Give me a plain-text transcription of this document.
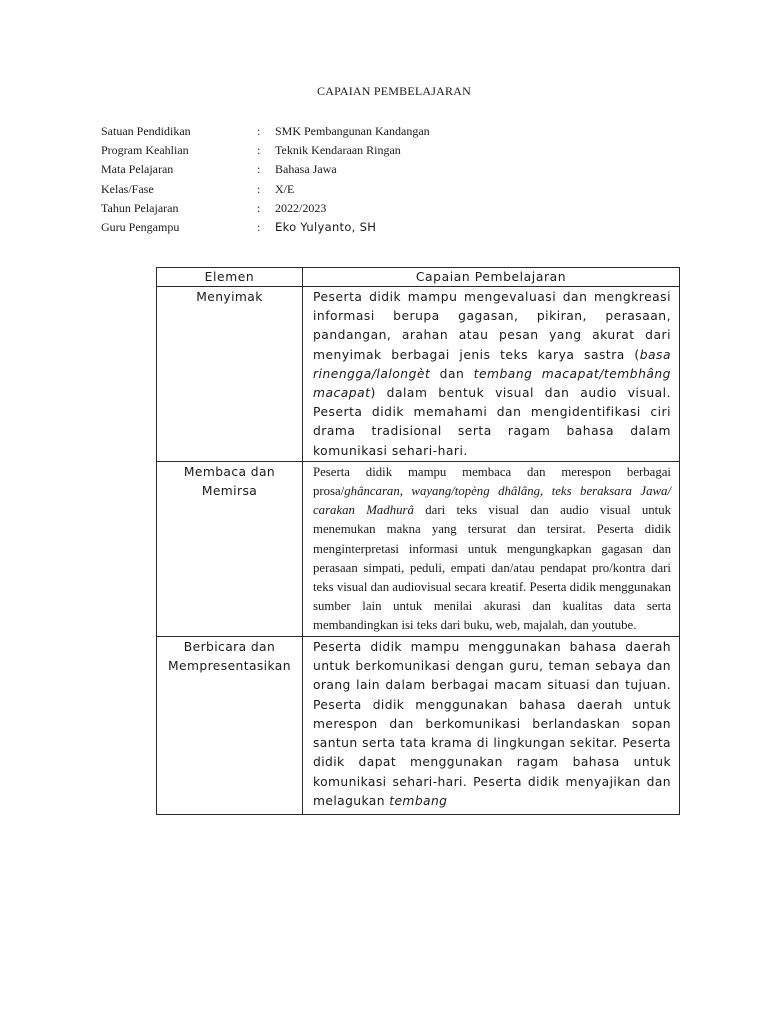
CAPAIAN PEMBELAJARAN
Satuan Pendidikan	:	SMK Pembangunan Kandangan
Program Keahlian	:	Teknik Kendaraan Ringan
Mata Pelajaran	:	Bahasa Jawa
Kelas/Fase	:	X/E
Tahun Pelajaran	:	2022/2023
Guru Pengampu	:	Eko Yulyanto, SH
Elemen	Capaian Pembelajaran
Menyimak	Peserta didik mampu mengevaluasi dan mengkreasi informasi berupa gagasan, pikiran, perasaan, pandangan, arahan atau pesan yang akurat dari menyimak berbagai jenis teks karya sastra (basa rinengga/lalongèt dan tembang macapat/tembhâng macapat) dalam bentuk visual dan audio visual. Peserta didik memahami dan mengidentifikasi ciri drama tradisional serta ragam bahasa dalam komunikasi sehari-hari.
Membaca dan Memirsa	Peserta didik mampu membaca dan merespon berbagai prosa/ghâncaran, wayang/topèng dhâlâng, teks beraksara Jawa/ carakan Madhurâ dari teks visual dan audio visual untuk menemukan makna yang tersurat dan tersirat. Peserta didik menginterpretasi informasi untuk mengungkapkan gagasan dan perasaan simpati, peduli, empati dan/atau pendapat pro/kontra dari teks visual dan audiovisual secara kreatif. Peserta didik menggunakan sumber lain untuk menilai akurasi dan kualitas data serta membandingkan isi teks dari buku, web, majalah, dan youtube.
Berbicara dan Mempresentasikan	Peserta didik mampu menggunakan bahasa daerah untuk berkomunikasi dengan guru, teman sebaya dan orang lain dalam berbagai macam situasi dan tujuan. Peserta didik menggunakan bahasa daerah untuk merespon dan berkomunikasi berlandaskan sopan santun serta tata krama di lingkungan sekitar. Peserta didik dapat menggunakan ragam bahasa untuk komunikasi sehari-hari. Peserta didik menyajikan dan melagukan tembang
